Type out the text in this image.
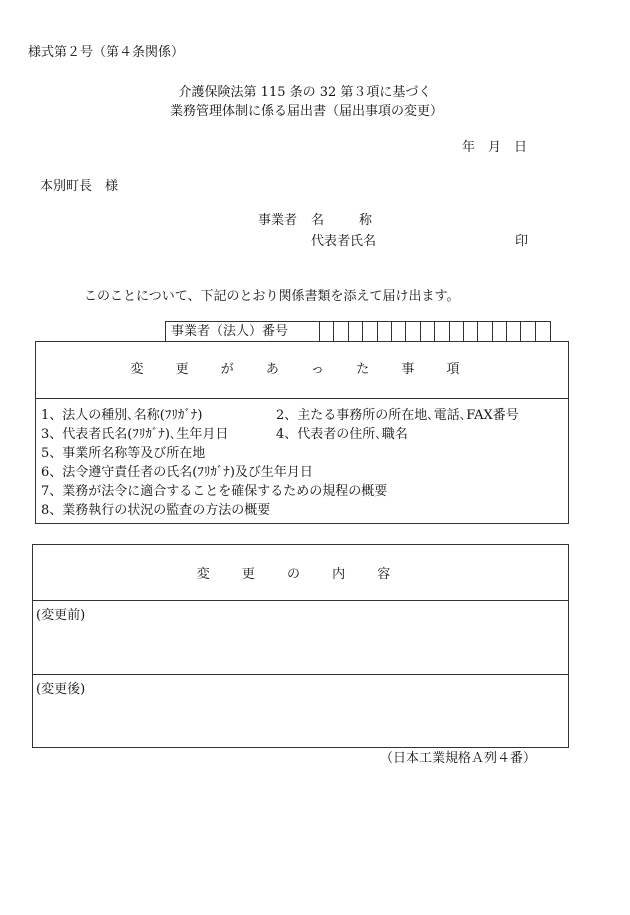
様式第２号（第４条関係）
介護保険法第 115 条の 32 第３項に基づく
業務管理体制に係る届出書（届出事項の変更）
年　月　日
本別町長　様
事業者 名　　称
代表者氏名	印
このことについて、下記のとおり関係書類を添えて届け出ます。
事業者（法人）番号
変 更 が あ っ た 事 項
1、法人の種別､名称(ﾌﾘｶﾞﾅ)	2、主たる事務所の所在地､電話､FAX番号
3、代表者氏名(ﾌﾘｶﾞﾅ)､生年月日	4、代表者の住所､職名
5、事業所名称等及び所在地
6、法令遵守責任者の氏名(ﾌﾘｶﾞﾅ)及び生年月日
7、業務が法令に適合することを確保するための規程の概要
8、業務執行の状況の監査の方法の概要
変 更 の 内 容
(変更前)
(変更後)
（日本工業規格Ａ列４番）
